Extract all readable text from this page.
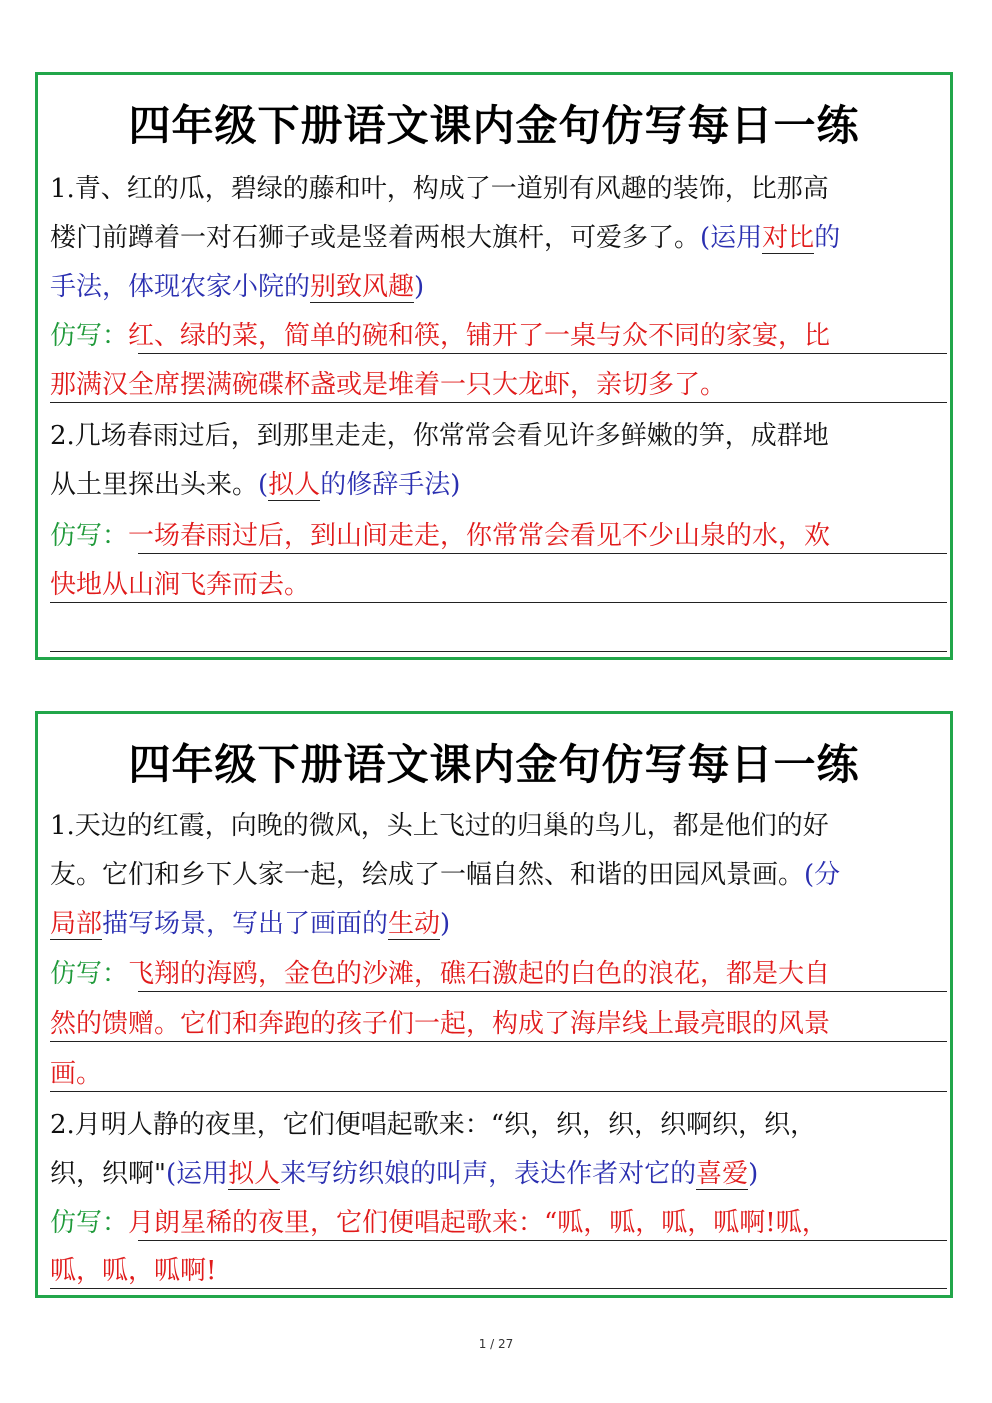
四年级下册语文课内金句仿写每日一练
1.青、红的瓜，碧绿的藤和叶，构成了一道别有风趣的装饰，比那高
楼门前蹲着一对石狮子或是竖着两根大旗杆，可爱多了。(运用对比的
手法，体现农家小院的别致风趣)
仿写：红、绿的菜，简单的碗和筷，铺开了一桌与众不同的家宴，比
那满汉全席摆满碗碟杯盏或是堆着一只大龙虾，亲切多了。
2.几场春雨过后，到那里走走，你常常会看见许多鲜嫩的笋，成群地
从土里探出头来。(拟人的修辞手法)
仿写：一场春雨过后，到山间走走，你常常会看见不少山泉的水，欢
快地从山涧飞奔而去。
四年级下册语文课内金句仿写每日一练
1.天边的红霞，向晚的微风，头上飞过的归巢的鸟儿，都是他们的好
友。它们和乡下人家一起，绘成了一幅自然、和谐的田园风景画。(分
局部描写场景，写出了画面的生动)
仿写：飞翔的海鸥，金色的沙滩，礁石激起的白色的浪花，都是大自
然的馈赠。它们和奔跑的孩子们一起，构成了海岸线上最亮眼的风景
画。
2.月明人静的夜里，它们便唱起歌来：“织，织，织，织啊织，织，
织，织啊"(运用拟人来写纺织娘的叫声，表达作者对它的喜爱)
仿写：月朗星稀的夜里，它们便唱起歌来：“呱，呱，呱，呱啊!呱，
呱，呱，呱啊!
1 / 27
